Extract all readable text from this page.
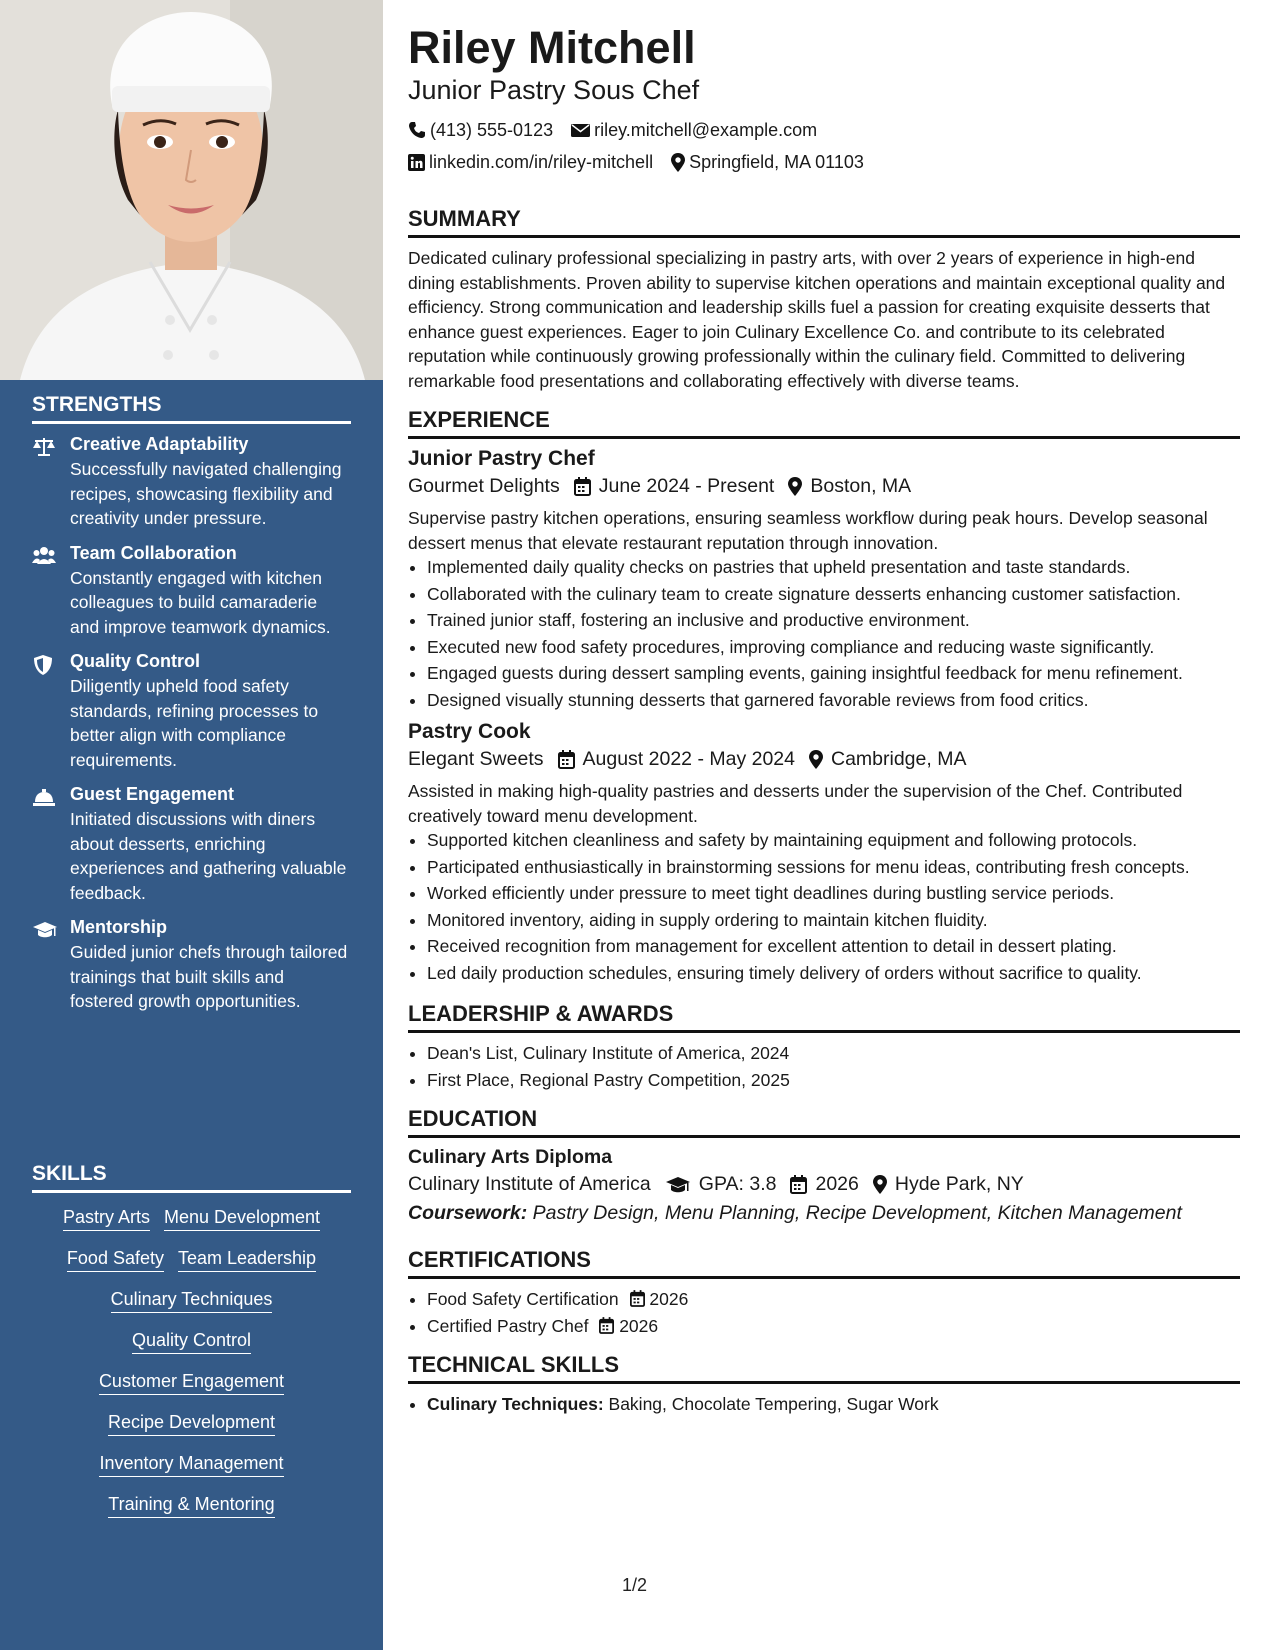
STRENGTHS
Creative Adaptability
Successfully navigated challenging recipes, showcasing flexibility and creativity under pressure.
Team Collaboration
Constantly engaged with kitchen colleagues to build camaraderie and improve teamwork dynamics.
Quality Control
Diligently upheld food safety standards, refining processes to better align with compliance requirements.
Guest Engagement
Initiated discussions with diners about desserts, enriching experiences and gathering valuable feedback.
Mentorship
Guided junior chefs through tailored trainings that built skills and fostered growth opportunities.
SKILLS
Pastry Arts Menu Development
Food Safety Team Leadership
Culinary Techniques
Quality Control
Customer Engagement
Recipe Development
Inventory Management
Training & Mentoring
Riley Mitchell
Junior Pastry Sous Chef
(413) 555-0123 riley.mitchell@example.com
linkedin.com/in/riley-mitchell Springfield, MA 01103
SUMMARY

Dedicated culinary professional specializing in pastry arts, with over 2 years of experience in high-end dining establishments. Proven ability to supervise kitchen operations and maintain exceptional quality and efficiency. Strong communication and leadership skills fuel a passion for creating exquisite desserts that enhance guest experiences. Eager to join Culinary Excellence Co. and contribute to its celebrated reputation while continuously growing professionally within the culinary field. Committed to delivering remarkable food presentations and collaborating effectively with diverse teams.

EXPERIENCE
Junior Pastry Chef
Gourmet Delights June 2024 - Present Boston, MA

Supervise pastry kitchen operations, ensuring seamless workflow during peak hours. Develop seasonal dessert menus that elevate restaurant reputation through innovation.

• Implemented daily quality checks on pastries that upheld presentation and taste standards.
• Collaborated with the culinary team to create signature desserts enhancing customer satisfaction.
• Trained junior staff, fostering an inclusive and productive environment.
• Executed new food safety procedures, improving compliance and reducing waste significantly.
• Engaged guests during dessert sampling events, gaining insightful feedback for menu refinement.
• Designed visually stunning desserts that garnered favorable reviews from food critics.
Pastry Cook
Elegant Sweets August 2022 - May 2024 Cambridge, MA

Assisted in making high-quality pastries and desserts under the supervision of the Chef. Contributed creatively toward menu development.

• Supported kitchen cleanliness and safety by maintaining equipment and following protocols.
• Participated enthusiastically in brainstorming sessions for menu ideas, contributing fresh concepts.
• Worked efficiently under pressure to meet tight deadlines during bustling service periods.
• Monitored inventory, aiding in supply ordering to maintain kitchen fluidity.
• Received recognition from management for excellent attention to detail in dessert plating.
• Led daily production schedules, ensuring timely delivery of orders without sacrifice to quality.
LEADERSHIP & AWARDS
• Dean's List, Culinary Institute of America, 2024
• First Place, Regional Pastry Competition, 2025
EDUCATION
Culinary Arts Diploma
Culinary Institute of America GPA: 3.8 2026 Hyde Park, NY
Coursework: Pastry Design, Menu Planning, Recipe Development, Kitchen Management
CERTIFICATIONS
• Food Safety Certification 2026
• Certified Pastry Chef 2026
TECHNICAL SKILLS
• Culinary Techniques: Baking, Chocolate Tempering, Sugar Work
1/2
